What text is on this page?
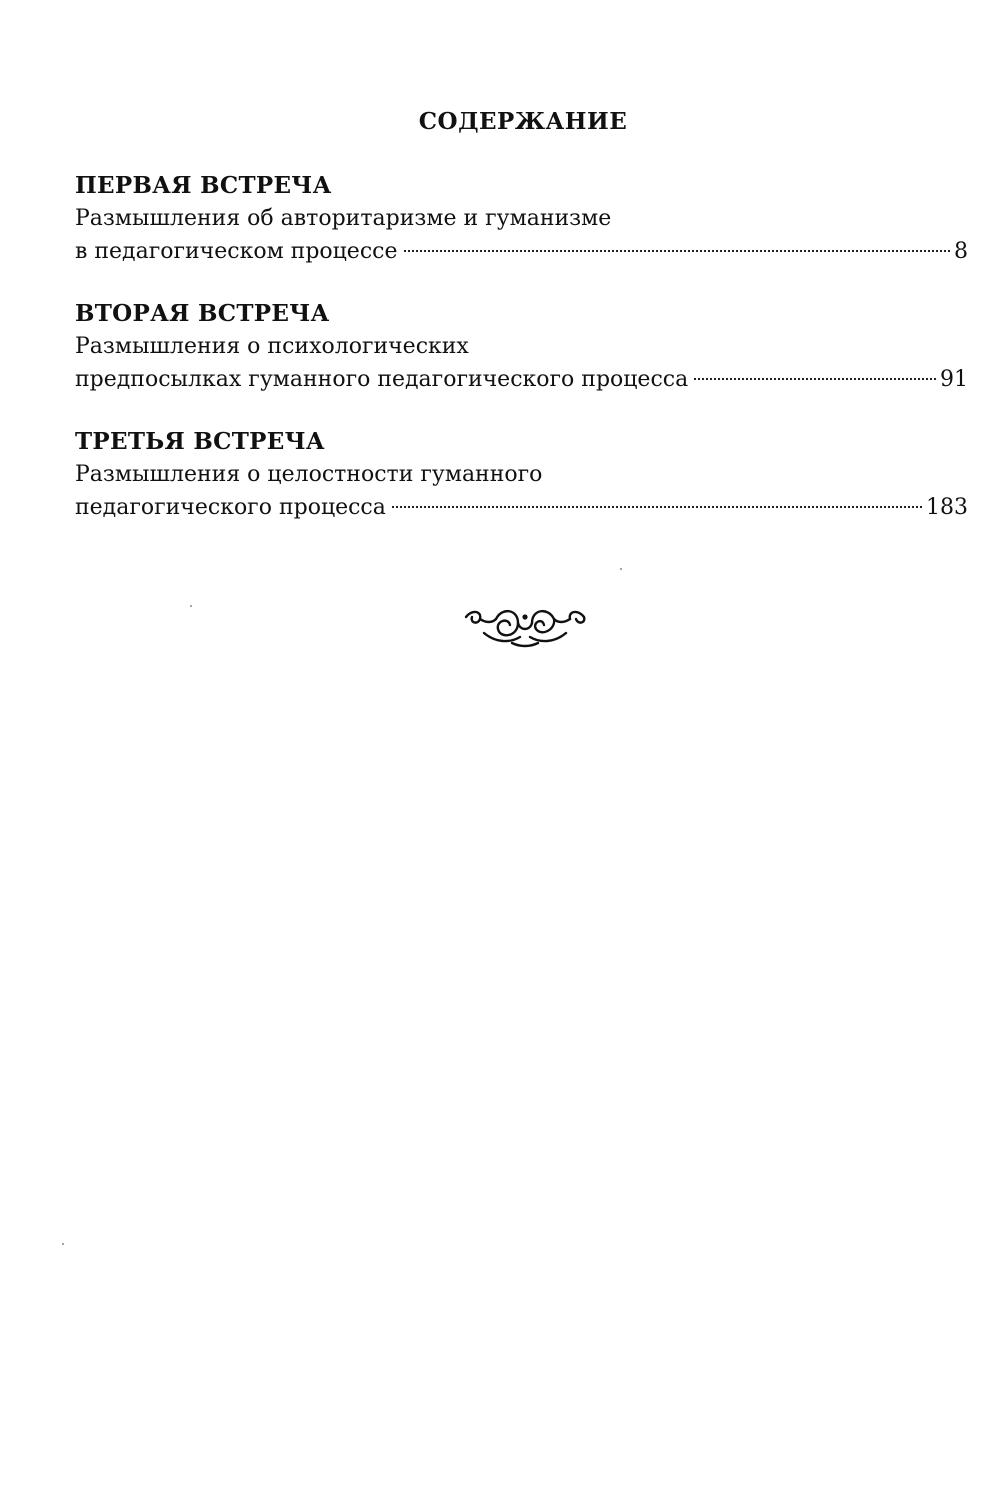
СОДЕРЖАНИЕ
ПЕРВАЯ ВСТРЕЧА
Размышления об авторитаризме и гуманизме
в педагогическом процессе	8
ВТОРАЯ ВСТРЕЧА
Размышления о психологических
предпосылках гуманного педагогического процесса	91
ТРЕТЬЯ ВСТРЕЧА
Размышления о целостности гуманного
педагогического процесса	183
